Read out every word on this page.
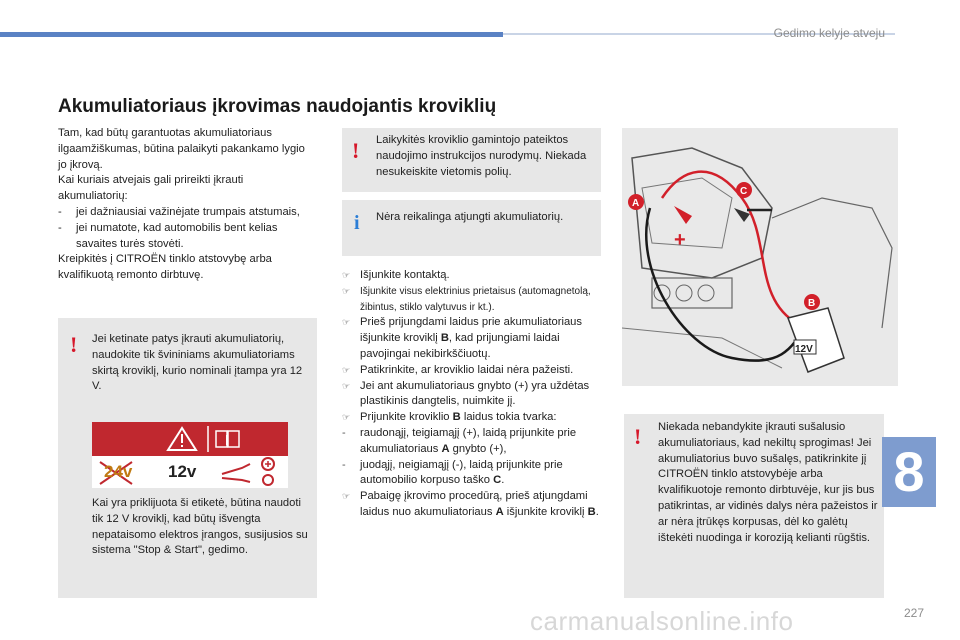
Gedimo kelyje atveju
Akumuliatoriaus įkrovimas naudojantis kroviklių

Tam, kad būtų garantuotas akumuliatoriaus ilgaamžiškumas, būtina palaikyti pakankamo lygio jo įkrovą.

Kai kuriais atvejais gali prireikti įkrauti akumuliatorių:

- jei dažniausiai važinėjate trumpais atstumais,

- jei numatote, kad automobilis bent kelias savaites turės stovėti.

Kreipkitės į CITROËN tinklo atstovybę arba kvalifikuotą remonto dirbtuvę.

! Jei ketinate patys įkrauti akumuliatorių, naudokite tik švininiams akumuliatoriams skirtą kroviklį, kurio nominali įtampa yra 12 V.
Kai yra priklijuota ši etiketė, būtina naudoti tik 12 V kroviklį, kad būtų išvengta nepataisomo elektros įrangos, susijusios su sistema "Stop & Start", gedimo.
24v 12v
! Laikykitės kroviklio gamintojo pateiktos naudojimo instrukcijos nurodymų. Niekada nesukeiskite vietomis polių.
i Nėra reikalinga atjungti akumuliatorių.

☞ Išjunkite kontaktą.

☞ Išjunkite visus elektrinius prietaisus (automagnetolą, žibintus, stiklo valytuvus ir kt.).

☞ Prieš prijungdami laidus prie akumuliatoriaus išjunkite kroviklį B, kad prijungiami laidai pavojingai nekibirkščiuotų.

☞ Patikrinkite, ar kroviklio laidai nėra pažeisti.

☞ Jei ant akumuliatoriaus gnybto (+) yra uždėtas plastikinis dangtelis, nuimkite jį.

☞ Prijunkite kroviklio B laidus tokia tvarka:

- raudonąjį, teigiamąjį (+), laidą prijunkite prie akumuliatoriaus A gnybto (+),

- juodąjį, neigiamąjį (-), laidą prijunkite prie automobilio korpuso taško C.

☞ Pabaigę įkrovimo procedūrą, prieš atjungdami laidus nuo akumuliatoriaus A išjunkite kroviklį B.

+
A
C
B
12V
! Niekada nebandykite įkrauti sušalusio akumuliatoriaus, kad nekiltų sprogimas! Jei akumuliatorius buvo sušalęs, patikrinkite jį CITROËN tinklo atstovybėje arba kvalifikuotoje remonto dirbtuvėje, kur jis bus patikrintas, ar vidinės dalys nėra pažeistos ir ar nėra įtrūkęs korpusas, dėl ko galėtų ištekėti nuodinga ir koroziją kelianti rūgštis.
8
carmanualsonline.info	227
